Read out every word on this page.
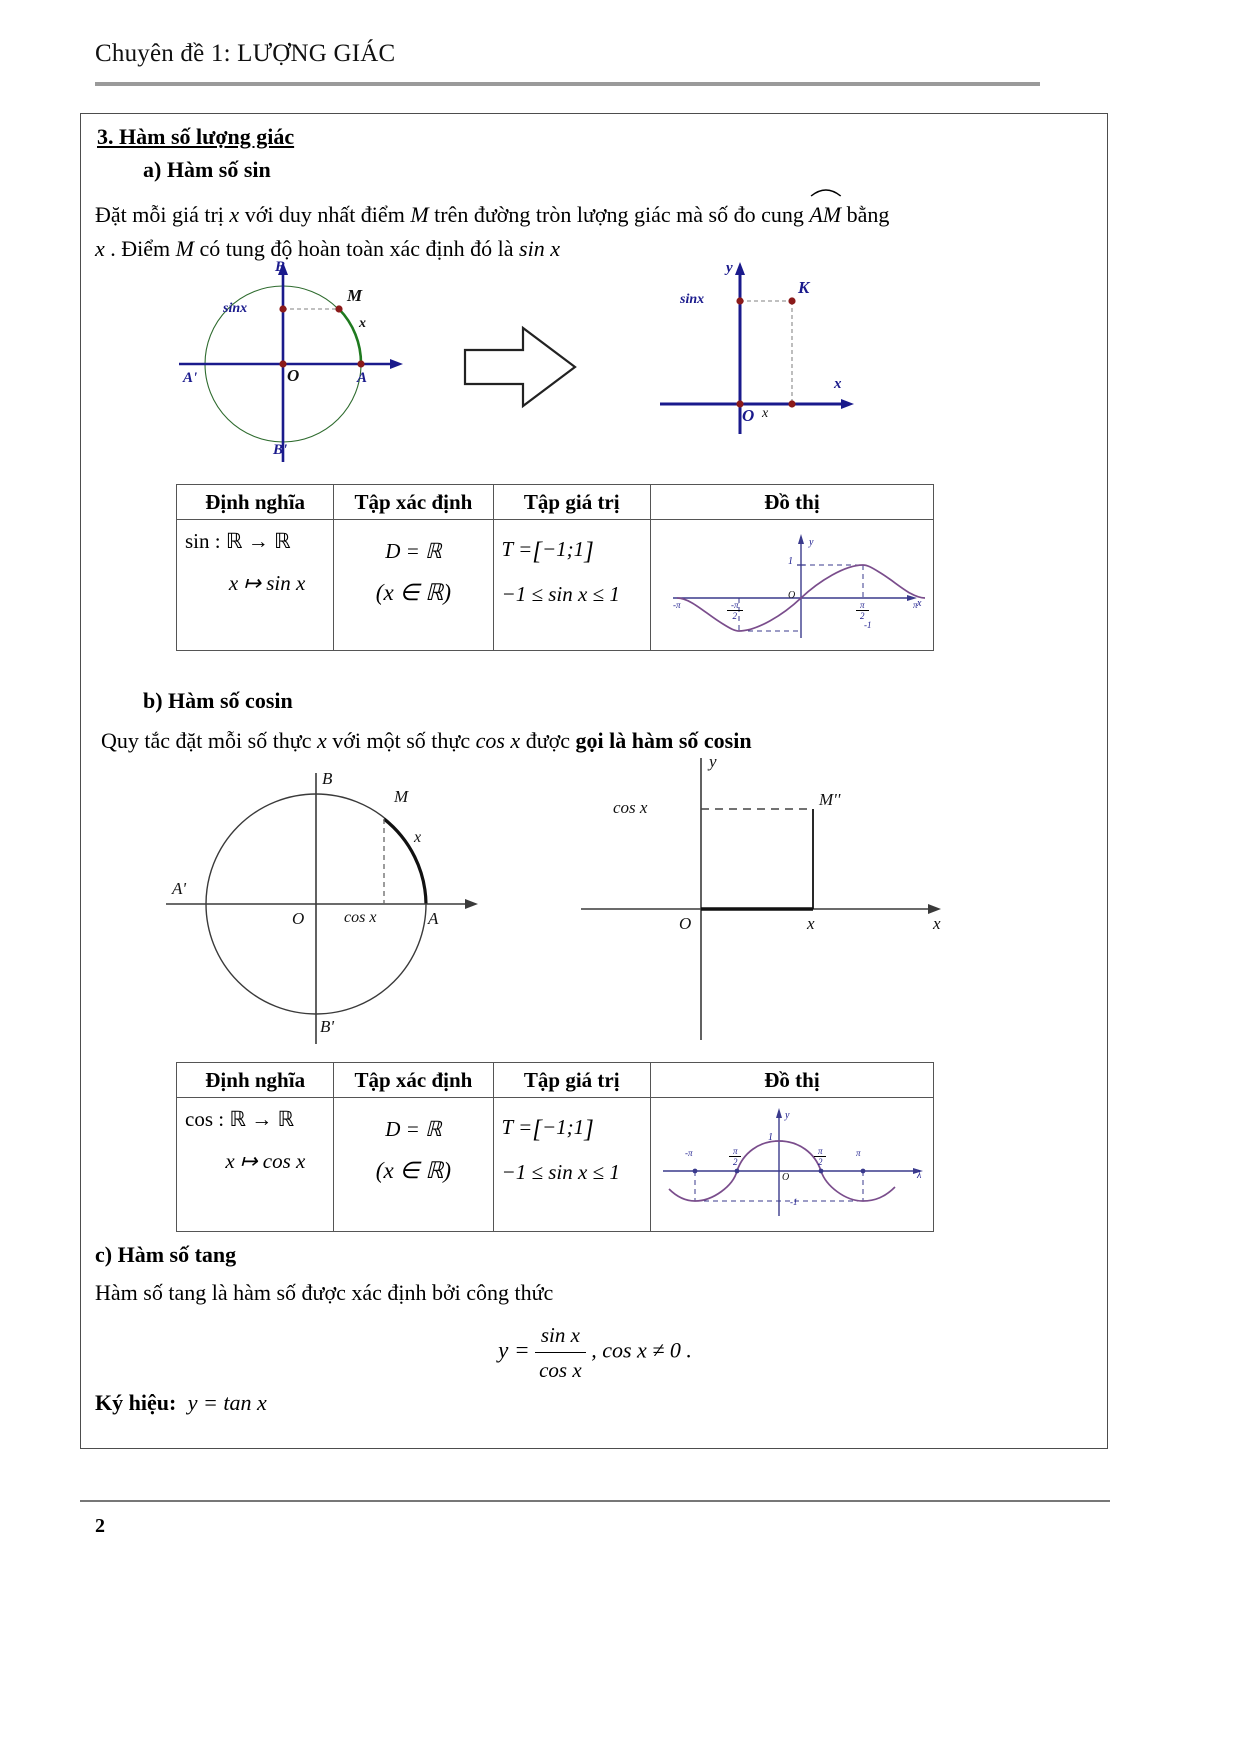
Chuyên đề 1: LƯỢNG GIÁC
3. Hàm số lượng giác
a) Hàm số sin
Đặt mỗi giá trị x với duy nhất điểm M trên đường tròn lượng giác mà số đo cung
AM bằng
x . Điểm M có tung độ hoàn toàn xác định đó là sin x
B
B'
A
A'	O
M
x
sinx
y
x
O x
K
sinx
Định nghĩa	Tập xác định	Tập giá trị	Đồ thị

sin : ℝ → ℝ
x ↦ sin x

D = ℝ
(x ∈ ℝ)

T =[−1;1]
−1 ≤ sin x ≤ 1

y
x
O
1
-1
-π	π
$\frac{-\pi}{2}$	$\frac{\pi}{2}$
b) Hàm số cosin
Quy tắc đặt mỗi số thực x với một số thực cos x được gọi là hàm số cosin
B
B'
A
A'
O
M
x
cos x
y
x
O	x
M''
cos x
Định nghĩa	Tập xác định	Tập giá trị	Đồ thị

cos : ℝ → ℝ
x ↦ cos x

D = ℝ
(x ∈ ℝ)

T =[−1;1]
−1 ≤ sin x ≤ 1

y
λ
O
1
-1
-π	π
$\frac{\pi}{2}$	$\frac{\pi}{2}$
c) Hàm số tang
Hàm số tang là hàm số được xác định bởi công thức
$y = \frac{\text{sin x}}{\text{cos x}}$ , cos x ≠ 0 .
Ký hiệu: y = tan x
2
